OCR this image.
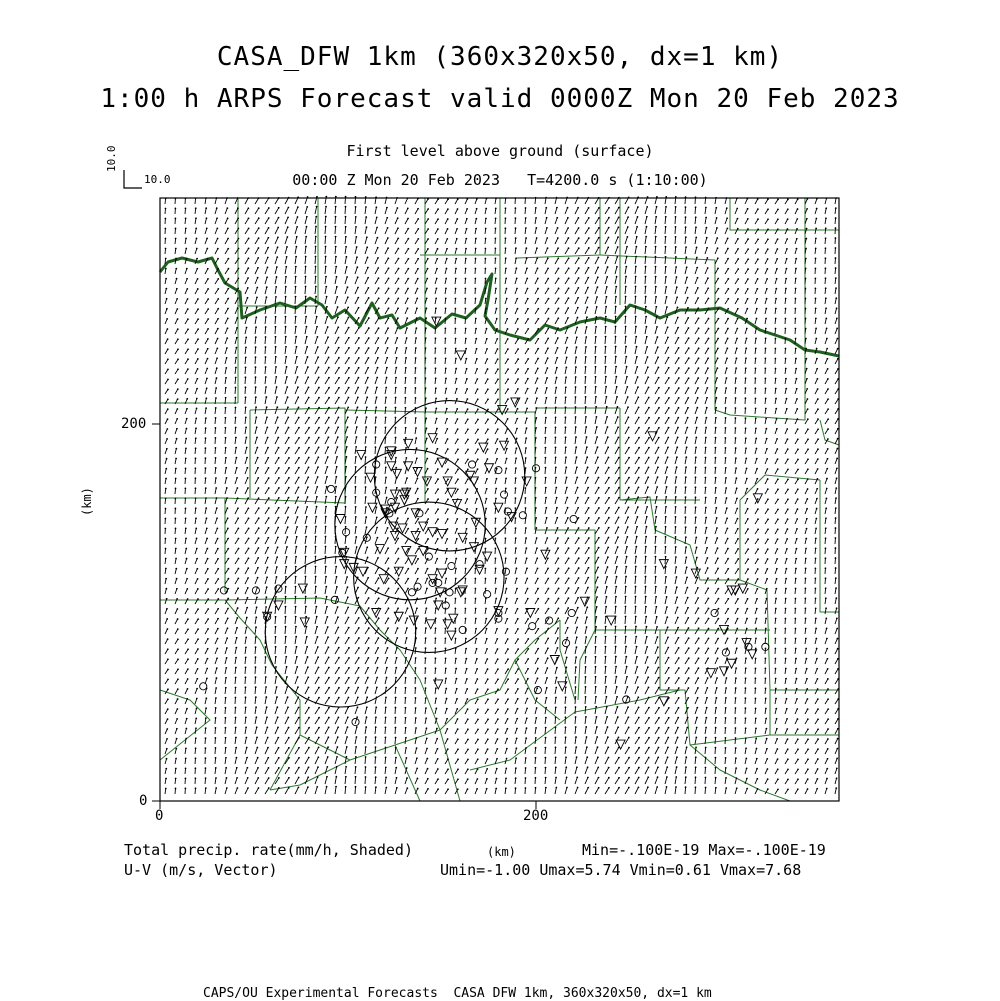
CASA_DFW 1km (360x320x50, dx=1 km)
1:00 h ARPS Forecast valid 0000Z Mon 20 Feb 2023
First level above ground (surface)
00:00 Z Mon 20 Feb 2023   T=4200.0 s (1:10:00)
10.0
10.0
(km)
200
0
0	200
(km)
Total precip. rate(mm/h, Shaded)
U-V (m/s, Vector)
Min=-.100E-19 Max=-.100E-19
Umin=-1.00 Umax=5.74 Vmin=0.61 Vmax=7.68
CAPS/OU Experimental Forecasts  CASA DFW 1km, 360x320x50, dx=1 km
